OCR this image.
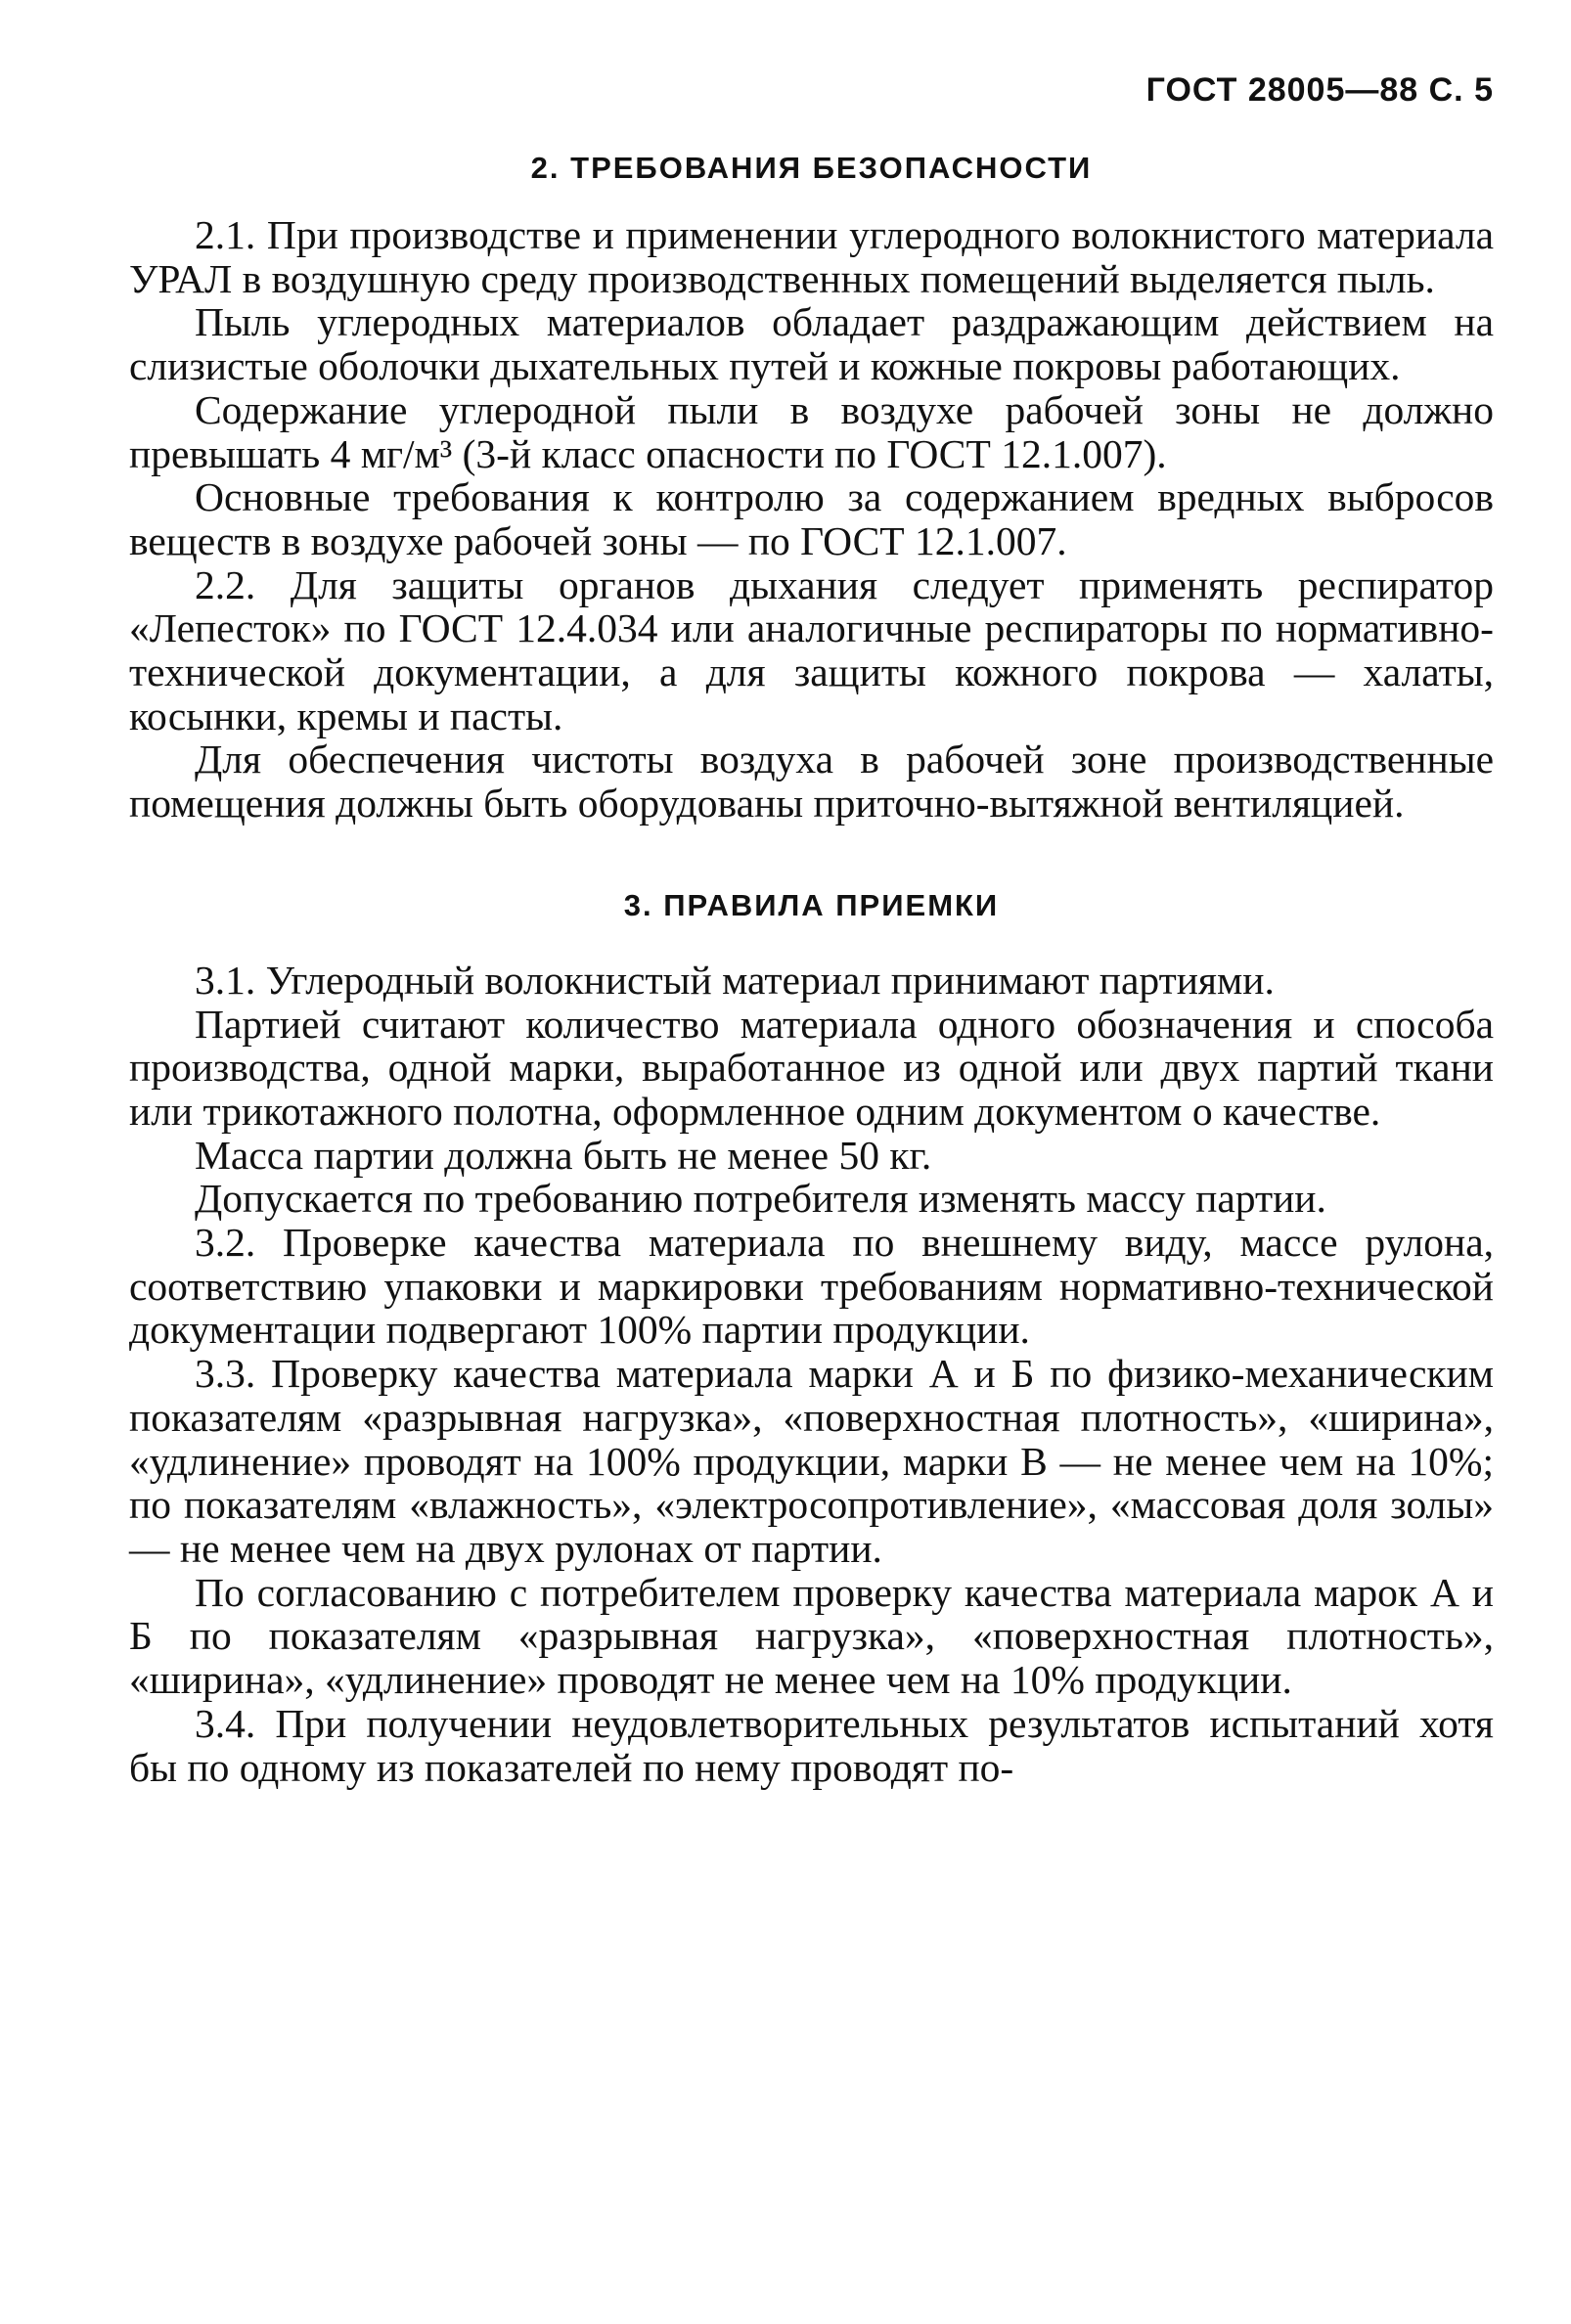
ГОСТ 28005—88 С. 5
2. ТРЕБОВАНИЯ БЕЗОПАСНОСТИ

2.1. При производстве и применении углеродного волокнистого материала УРАЛ в воздушную среду производственных помещений выделяется пыль.

Пыль углеродных материалов обладает раздражающим действием на слизистые оболочки дыхательных путей и кожные покровы работающих.

Содержание углеродной пыли в воздухе рабочей зоны не должно превышать 4 мг/м³ (3-й класс опасности по ГОСТ 12.1.007).

Основные требования к контролю за содержанием вредных выбросов веществ в воздухе рабочей зоны — по ГОСТ 12.1.007.

2.2. Для защиты органов дыхания следует применять респиратор «Лепесток» по ГОСТ 12.4.034 или аналогичные респираторы по нормативно-технической документации, а для защиты кожного покрова — халаты, косынки, кремы и пасты.

Для обеспечения чистоты воздуха в рабочей зоне производственные помещения должны быть оборудованы приточно-вытяжной вентиляцией.

3. ПРАВИЛА ПРИЕМКИ

3.1. Углеродный волокнистый материал принимают партиями.

Партией считают количество материала одного обозначения и способа производства, одной марки, выработанное из одной или двух партий ткани или трикотажного полотна, оформленное одним документом о качестве.

Масса партии должна быть не менее 50 кг.

Допускается по требованию потребителя изменять массу партии.

3.2. Проверке качества материала по внешнему виду, массе рулона, соответствию упаковки и маркировки требованиям нормативно-технической документации подвергают 100% партии продукции.

3.3. Проверку качества материала марки А и Б по физико-механическим показателям «разрывная нагрузка», «поверхностная плотность», «ширина», «удлинение» проводят на 100% продукции, марки В — не менее чем на 10%; по показателям «влажность», «электросопротивление», «массовая доля золы» — не менее чем на двух рулонах от партии.

По согласованию с потребителем проверку качества материала марок А и Б по показателям «разрывная нагрузка», «поверхностная плотность», «ширина», «удлинение» проводят не менее чем на 10% продукции.

3.4. При получении неудовлетворительных результатов испытаний хотя бы по одному из показателей по нему проводят по-
